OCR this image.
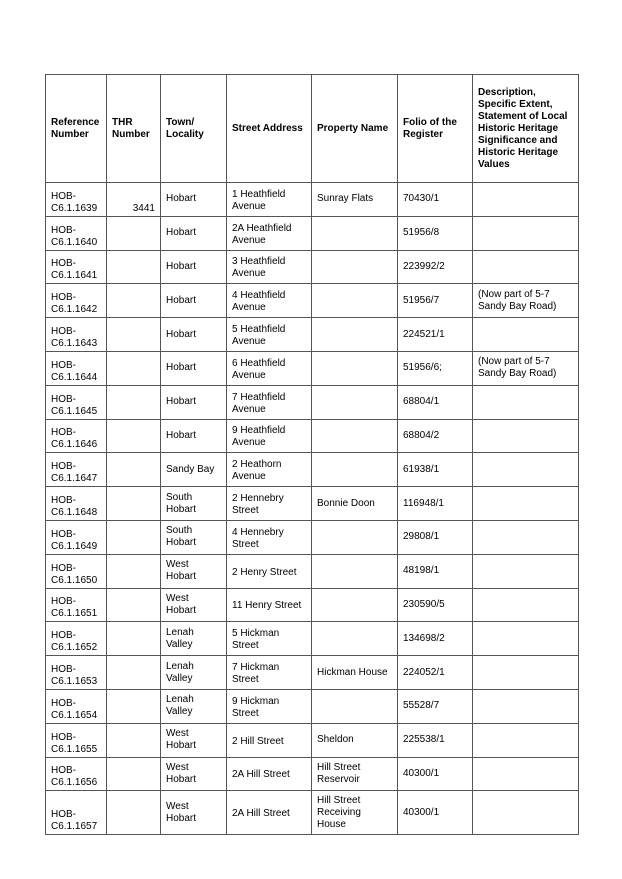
Reference Number	THR Number	Town/ Locality	Street Address	Property Name	Folio of the Register	Description, Specific Extent, Statement of Local Historic Heritage Significance and Historic Heritage Values
HOB-C6.1.1639	3441	Hobart	1 Heathfield Avenue	Sunray Flats	70430/1	
HOB-C6.1.1640		Hobart	2A Heathfield Avenue		51956/8	
HOB-C6.1.1641		Hobart	3 Heathfield Avenue		223992/2	
HOB-C6.1.1642		Hobart	4 Heathfield Avenue		51956/7	(Now part of 5-7 Sandy Bay Road)
HOB-C6.1.1643		Hobart	5 Heathfield Avenue		224521/1	
HOB-C6.1.1644		Hobart	6 Heathfield Avenue		51956/6;	(Now part of 5-7 Sandy Bay Road)
HOB-C6.1.1645		Hobart	7 Heathfield Avenue		68804/1	
HOB-C6.1.1646		Hobart	9 Heathfield Avenue		68804/2	
HOB-C6.1.1647		Sandy Bay	2 Heathorn Avenue		61938/1	
HOB-C6.1.1648		South Hobart	2 Hennebry Street	Bonnie Doon	116948/1	
HOB-C6.1.1649		South Hobart	4 Hennebry Street		29808/1	
HOB-C6.1.1650		West Hobart	2 Henry Street		48198/1	
HOB-C6.1.1651		West Hobart	11 Henry Street		230590/5	
HOB-C6.1.1652		Lenah Valley	5 Hickman Street		134698/2	
HOB-C6.1.1653		Lenah Valley	7 Hickman Street	Hickman House	224052/1	
HOB-C6.1.1654		Lenah Valley	9 Hickman Street		55528/7	
HOB-C6.1.1655		West Hobart	2 Hill Street	Sheldon	225538/1	
HOB-C6.1.1656		West Hobart	2A Hill Street	Hill Street Reservoir	40300/1	
HOB-C6.1.1657		West Hobart	2A Hill Street	Hill Street Receiving House	40300/1	
